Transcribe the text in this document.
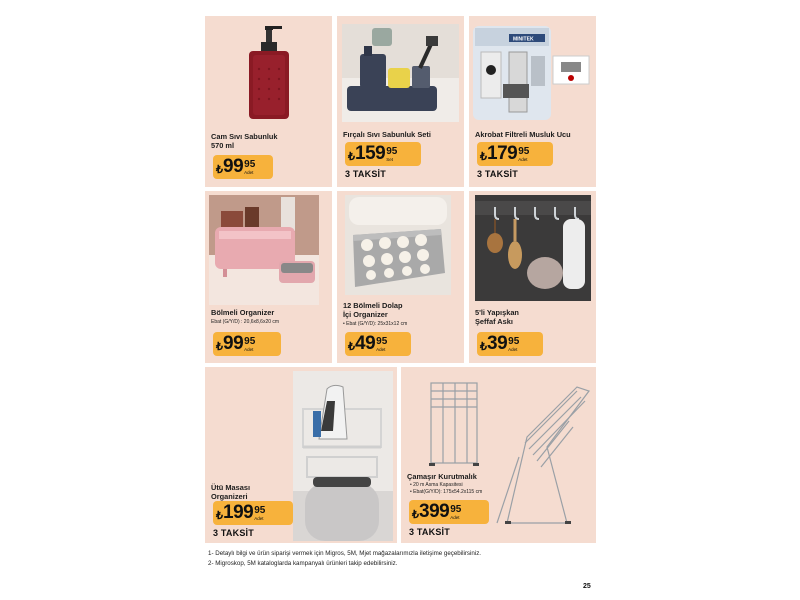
Cam Sıvı Sabunluk
570 ml
₺ 99 95
Adet
Fırçalı Sıvı Sabunluk Seti
₺ 159 95
Set
3 TAKSİT
MINITEK
Akrobat Filtreli Musluk Ucu
₺ 179 95
Adet
3 TAKSİT
Bölmeli Organizer
Ebat (G/Y/D) : 20,6x8,6x20 cm
₺ 99 95
Adet
12 Bölmeli Dolap
İçi Organizer
• Ebat (G/Y/D): 25x31x12 cm
₺ 49 95
Adet
5'li Yapışkan
Şeffaf Askı
₺ 39 95
Adet
Ütü Masası
Organizeri
₺ 199 95
Adet
3 TAKSİT
Çamaşır Kurutmalık
• 20 m Asma Kapasitesi
• Ebat(G/Y/D): 175x54.2x115 cm
₺ 399 95
Adet
3 TAKSİT
1- Detaylı bilgi ve ürün siparişi vermek için Migros, 5M, Mjet mağazalarımızla iletişime geçebilirsiniz.
2- Migroskop, 5M kataloglarda kampanyalı ürünleri takip edebilirsiniz.
25
